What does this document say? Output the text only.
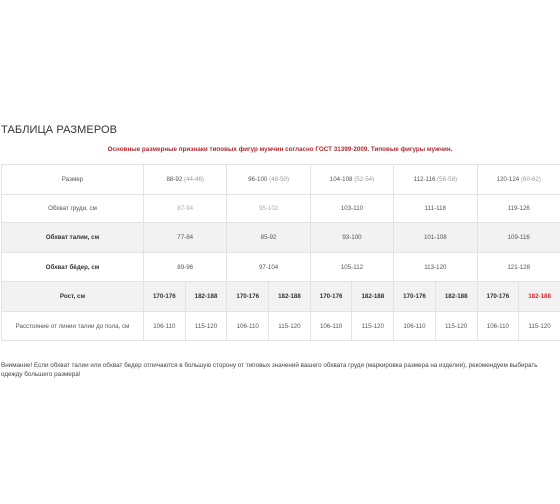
ТАБЛИЦА РАЗМЕРОВ
Основные размерные признаки типовых фигур мужчин согласно ГОСТ 31399-2009. Типовые фигуры мужчин.
Размер	88-92 (44-46)		96-100 (48-50)		104-108 (52-54)		112-116 (56-58)		120-124 (60-62)	
Обхват груди, см	87-94		95-102		103-110		111-118		119-126	
Обхват талии, см	77-84		85-92		93-100		101-108		109-116	
Обхват бёдер, см	89-96		97-104		105-112		113-120		121-128	
Рост, см	170-176	182-188	170-176	182-188	170-176	182-188	170-176	182-188	170-176	182-188
Расстояние от линии талии до пола, см	106-110	115-120	106-110	115-120	106-110	115-120	106-110	115-120	106-110	115-120
Внимание! Если обхват талии или обхват бедер отличаются в большую сторону от типовых значений вашего обхвата груди (маркировка размера на изделии), рекомендуем выбирать одежду большего размера!
